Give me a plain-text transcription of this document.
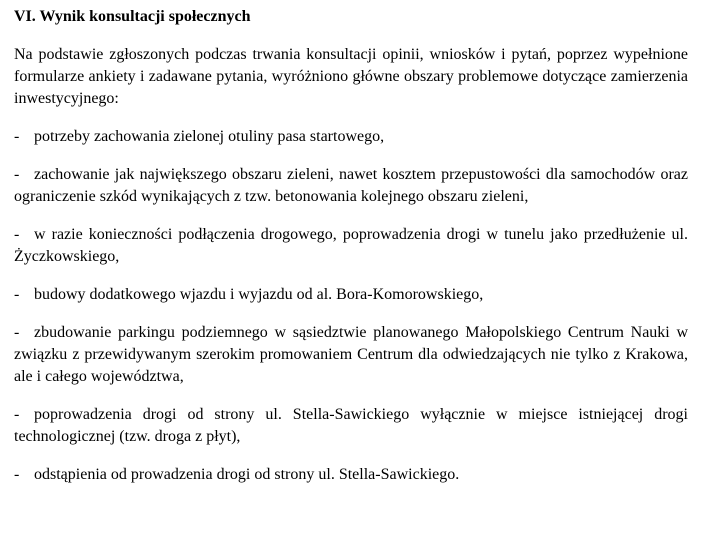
VI. Wynik konsultacji społecznych
Na podstawie zgłoszonych podczas trwania konsultacji opinii, wniosków i pytań, poprzez wypełnione formularze ankiety i zadawane pytania, wyróżniono główne obszary problemowe dotyczące zamierzenia inwestycyjnego:
- potrzeby zachowania zielonej otuliny pasa startowego,
- zachowanie jak największego obszaru zieleni, nawet kosztem przepustowości dla samochodów oraz ograniczenie szkód wynikających z tzw. betonowania kolejnego obszaru zieleni,
- w razie konieczności podłączenia drogowego, poprowadzenia drogi w tunelu jako przedłużenie ul. Życzkowskiego,
- budowy dodatkowego wjazdu i wyjazdu od al. Bora-Komorowskiego,
- zbudowanie parkingu podziemnego w sąsiedztwie planowanego Małopolskiego Centrum Nauki w związku z przewidywanym szerokim promowaniem Centrum dla odwiedzających nie tylko z Krakowa, ale i całego województwa,
- poprowadzenia drogi od strony ul. Stella-Sawickiego wyłącznie w miejsce istniejącej drogi technologicznej (tzw. droga z płyt),
- odstąpienia od prowadzenia drogi od strony ul. Stella-Sawickiego.
